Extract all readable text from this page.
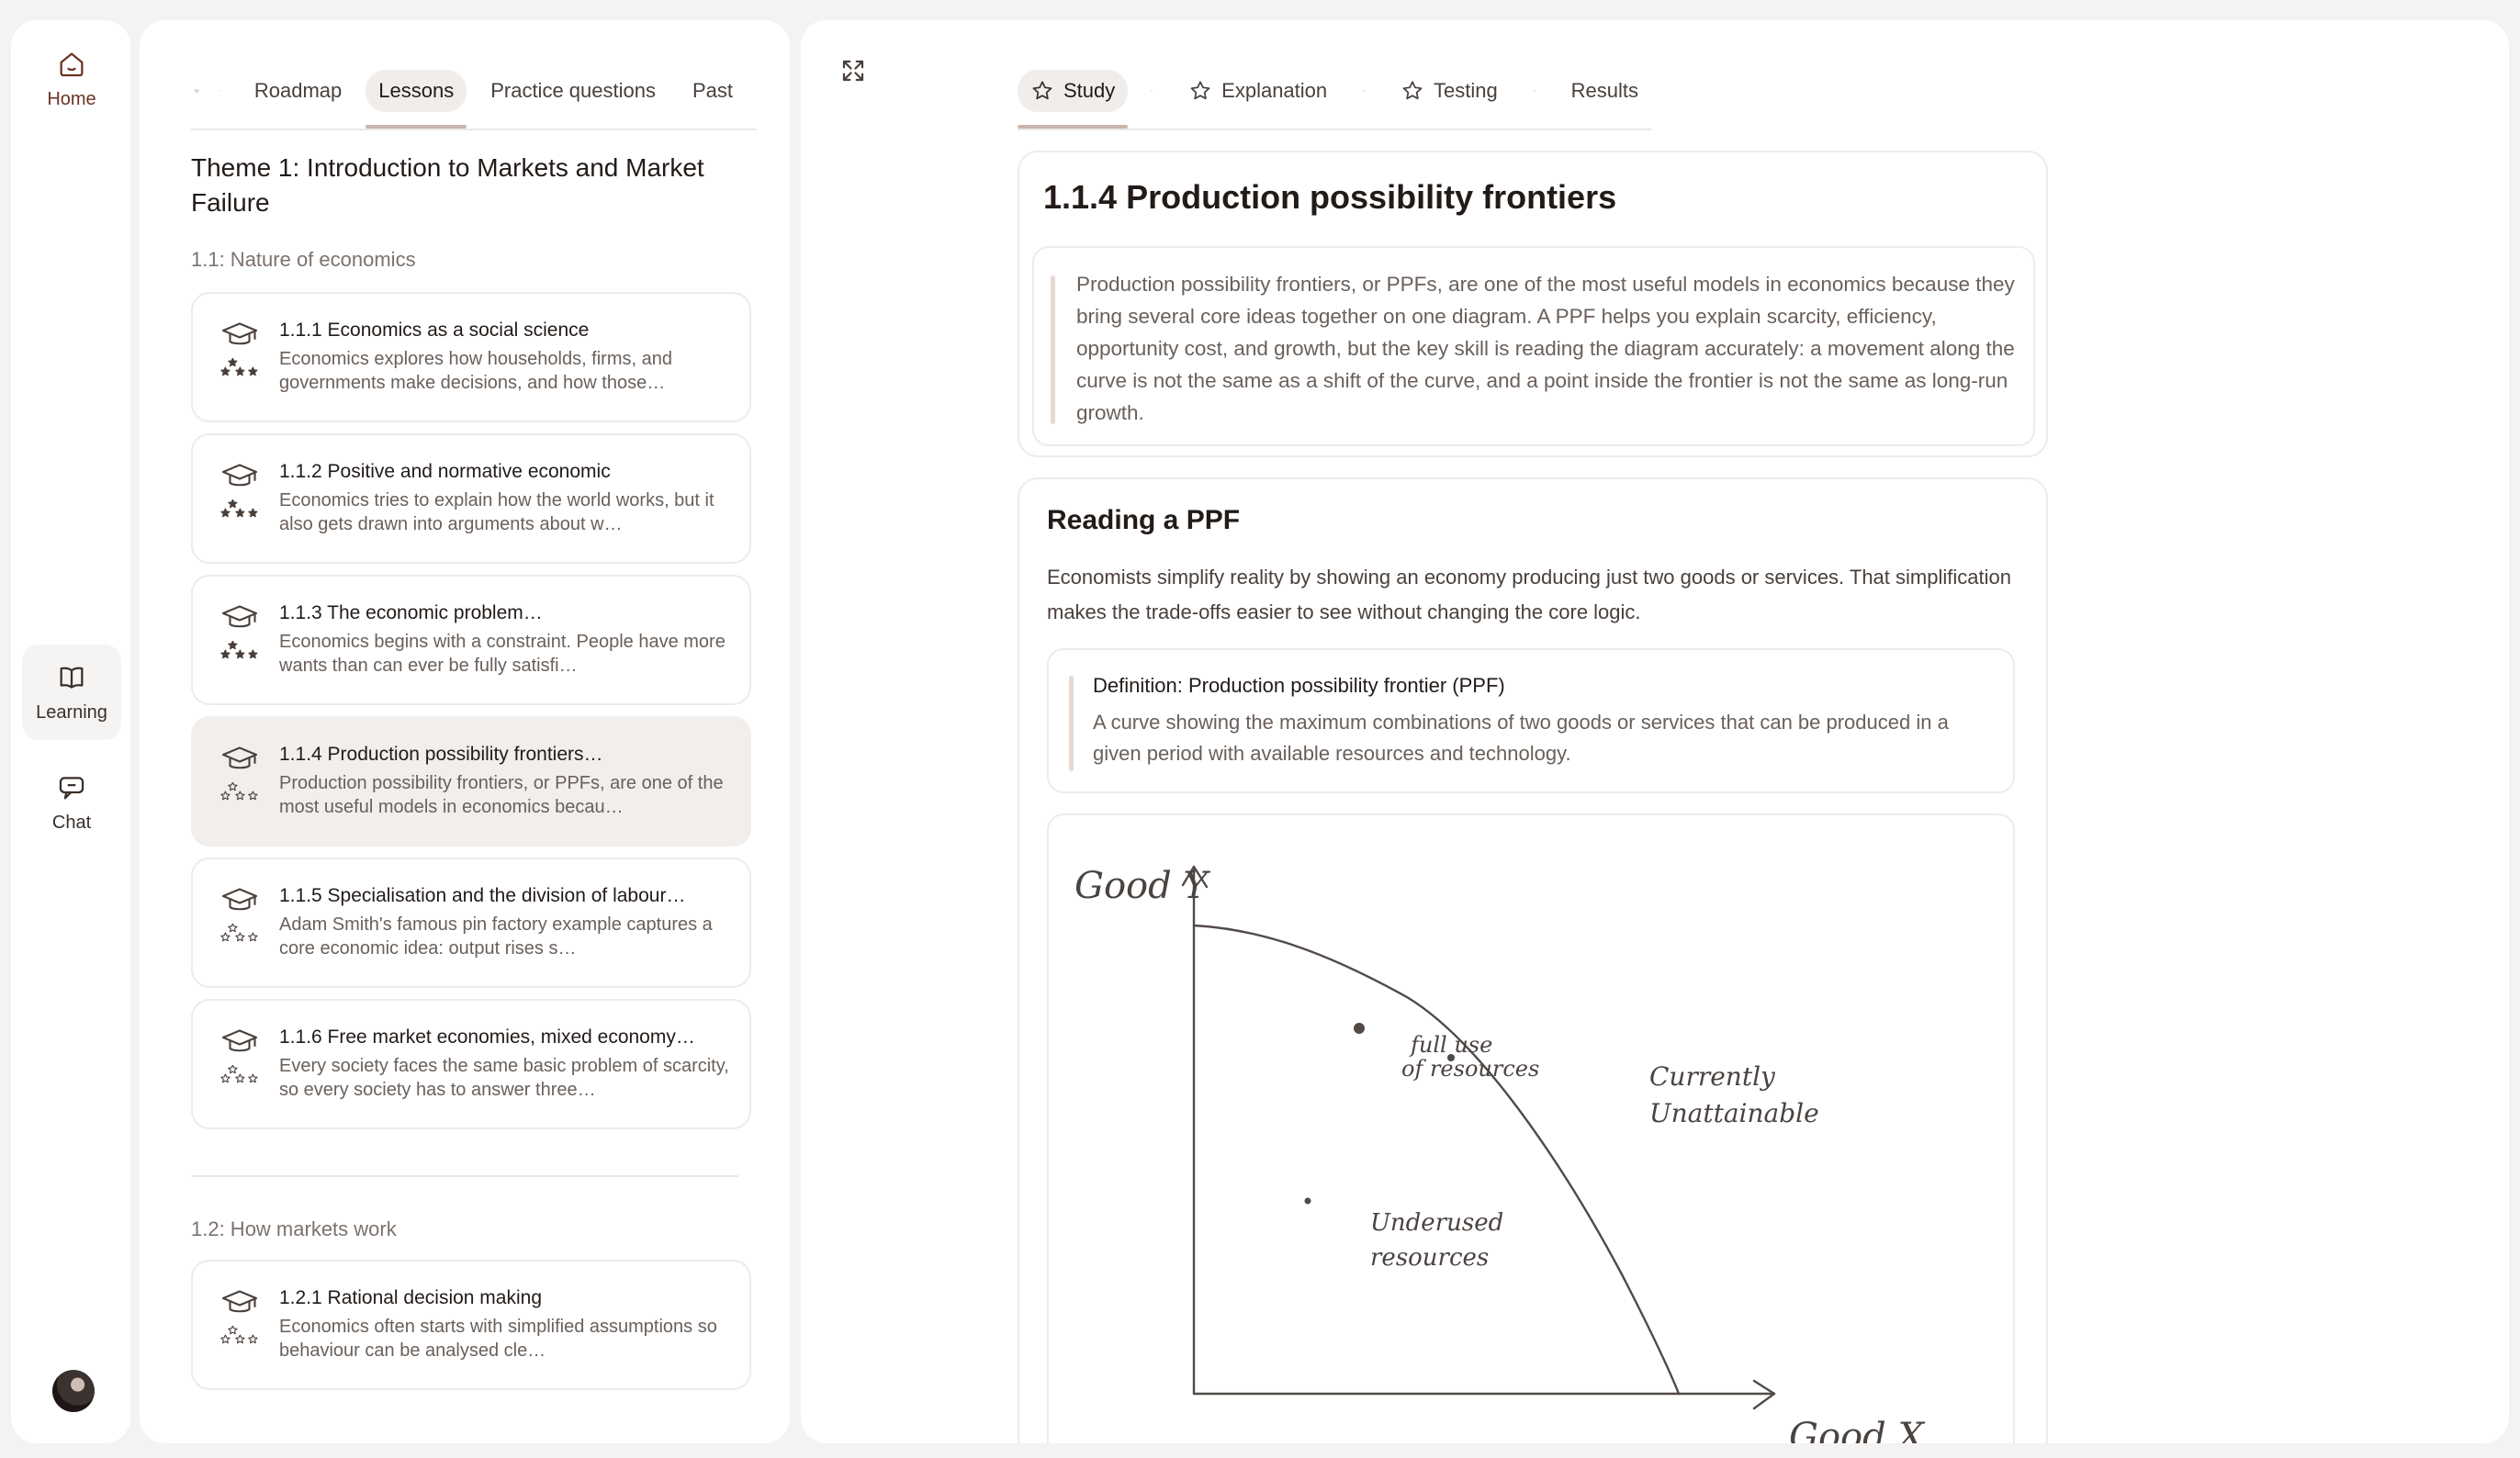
Home
Learning
Chat
Roadmap	Lessons	Practice questions	Past
Theme 1: Introduction to Markets and Market Failure
1.1: Nature of economics
1.1.1 Economics as a social science
Economics explores how households, firms, and governments make decisions, and how those…
1.1.2 Positive and normative economic
Economics tries to explain how the world works, but it also gets drawn into arguments about w…
1.1.3 The economic problem…
Economics begins with a constraint. People have more wants than can ever be fully satisfi…
1.1.4 Production possibility frontiers…
Production possibility frontiers, or PPFs, are one of the most useful models in economics becau…
1.1.5 Specialisation and the division of labour…
Adam Smith's famous pin factory example captures a core economic idea: output rises s…
1.1.6 Free market economies, mixed economy…
Every society faces the same basic problem of scarcity, so every society has to answer three…
1.2: How markets work
1.2.1 Rational decision making
Economics often starts with simplified assumptions so behaviour can be analysed cle…
Study	Explanation	Testing	Results
1.1.4 Production possibility frontiers

Production possibility frontiers, or PPFs, are one of the most useful models in economics because they bring several core ideas together on one diagram. A PPF helps you explain scarcity, efficiency, opportunity cost, and growth, but the key skill is reading the diagram accurately: a movement along the curve is not the same as a shift of the curve, and a point inside the frontier is not the same as long-run growth.

Reading a PPF

Economists simplify reality by showing an economy producing just two goods or services. That simplification makes the trade-offs easier to see without changing the core logic.

Definition: Production possibility frontier (PPF)
A curve showing the maximum combinations of two goods or services that can be produced in a given period with available resources and technology.
Good Y
Good X
full use
of resources	Currently
Unattainable
Underused
resources
